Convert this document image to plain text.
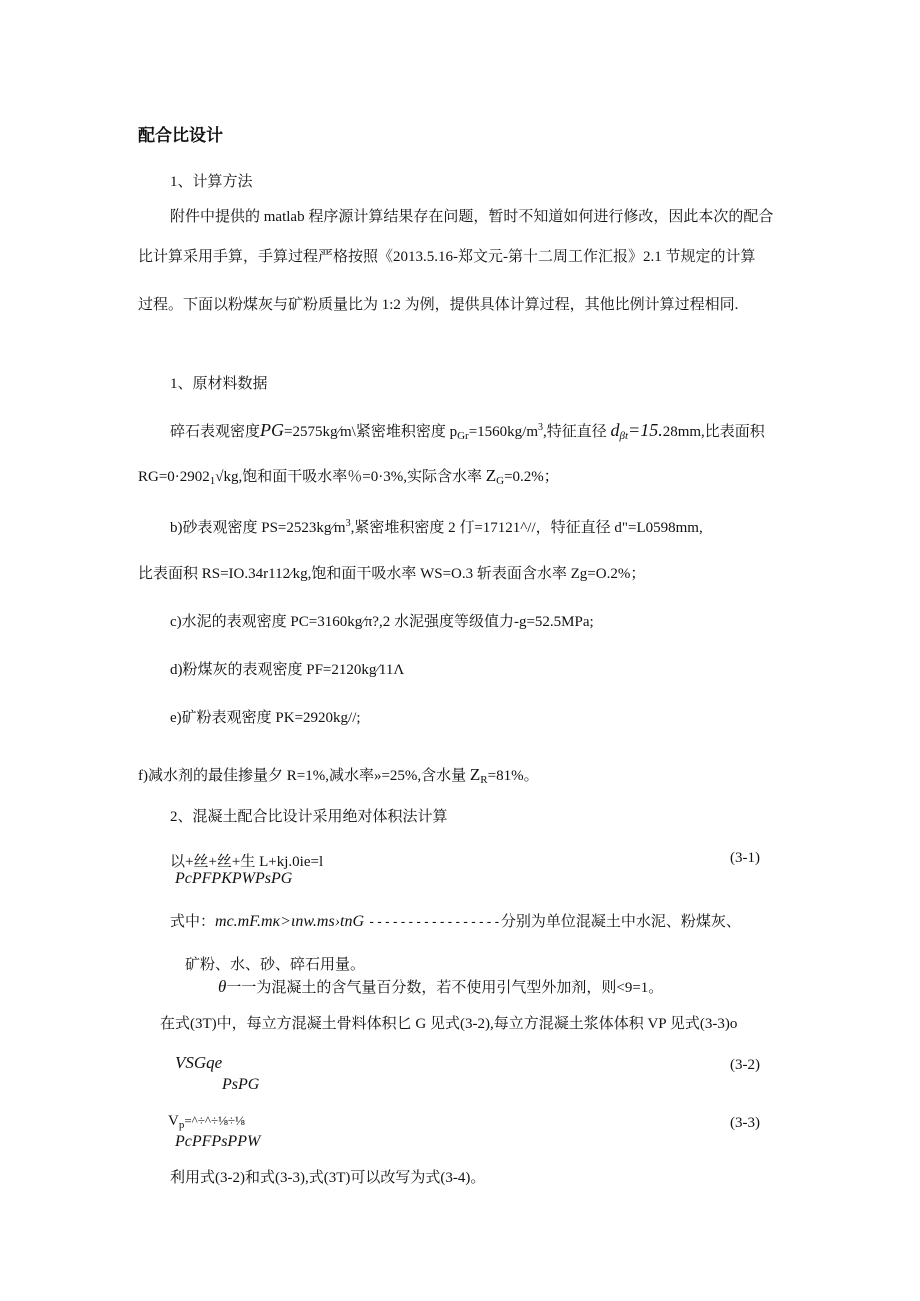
配合比设计
1、计算方法
附件中提供的 matlab 程序源计算结果存在问题，暂时不知道如何进行修改，因此本次的配合
比计算采用手算，手算过程严格按照《2013.5.16-郑文元-第十二周工作汇报》2.1 节规定的计算
过程。下面以粉煤灰与矿粉质量比为 1:2 为例，提供具体计算过程，其他比例计算过程相同.
1、原材料数据
碎石表观密度PG=2575kg∕m\紧密堆积密度 $p_{Gr}=1560kg/m^3$,特征直径 $d_{\beta t}=15.28mm$,比表面积
$RG=0\cdot 2902_1√kg$,饱和面干吸水率％=0·3%,实际含水率 $Z_G=0.2\%$；
b)砂表观密度 $PS=2523kg∕m^3$,紧密堆积密度 2 仃=17121^//，特征直径 d"=L0598mm,
比表面积 RS=IO.34r112∕kg,饱和面干吸水率 WS=O.3 斩表面含水率 Zg=O.2%；
c)水泥的表观密度 PC=3160kg∕π?,2 水泥强度等级值力-g=52.5MPa;
d)粉煤灰的表观密度 PF=2120kg∕11Λ
e)矿粉表观密度 PK=2920kg//;
f)减水剂的最佳掺量夕 R=1%,减水率»=25%,含水量 $Z_R=81\%$。
2、混凝土配合比设计采用绝对体积法计算
以+丝+丝+生 L+kj.0ie=l	(3-1)
PcPFPKPWPsPG
式中：mc.mF.mκ>ιnw.ms›tnG -----------------分别为单位混凝土中水泥、粉煤灰、
矿粉、水、砂、碎石用量。
θ一一为混凝土的含气量百分数，若不使用引气型外加剂，则<9=1。
在式(3T)中，每立方混凝土骨料体积匕 G 见式(3-2),每立方混凝土浆体体积 VP 见式(3-3)o
VSGqe	(3-2)
PsPG
$V_p=\^{}\div\^{}\div\frac{1}{8}\div\frac{1}{8}$	(3-3)
PcPFPsPPW
利用式(3-2)和式(3-3),式(3T)可以改写为式(3-4)。
